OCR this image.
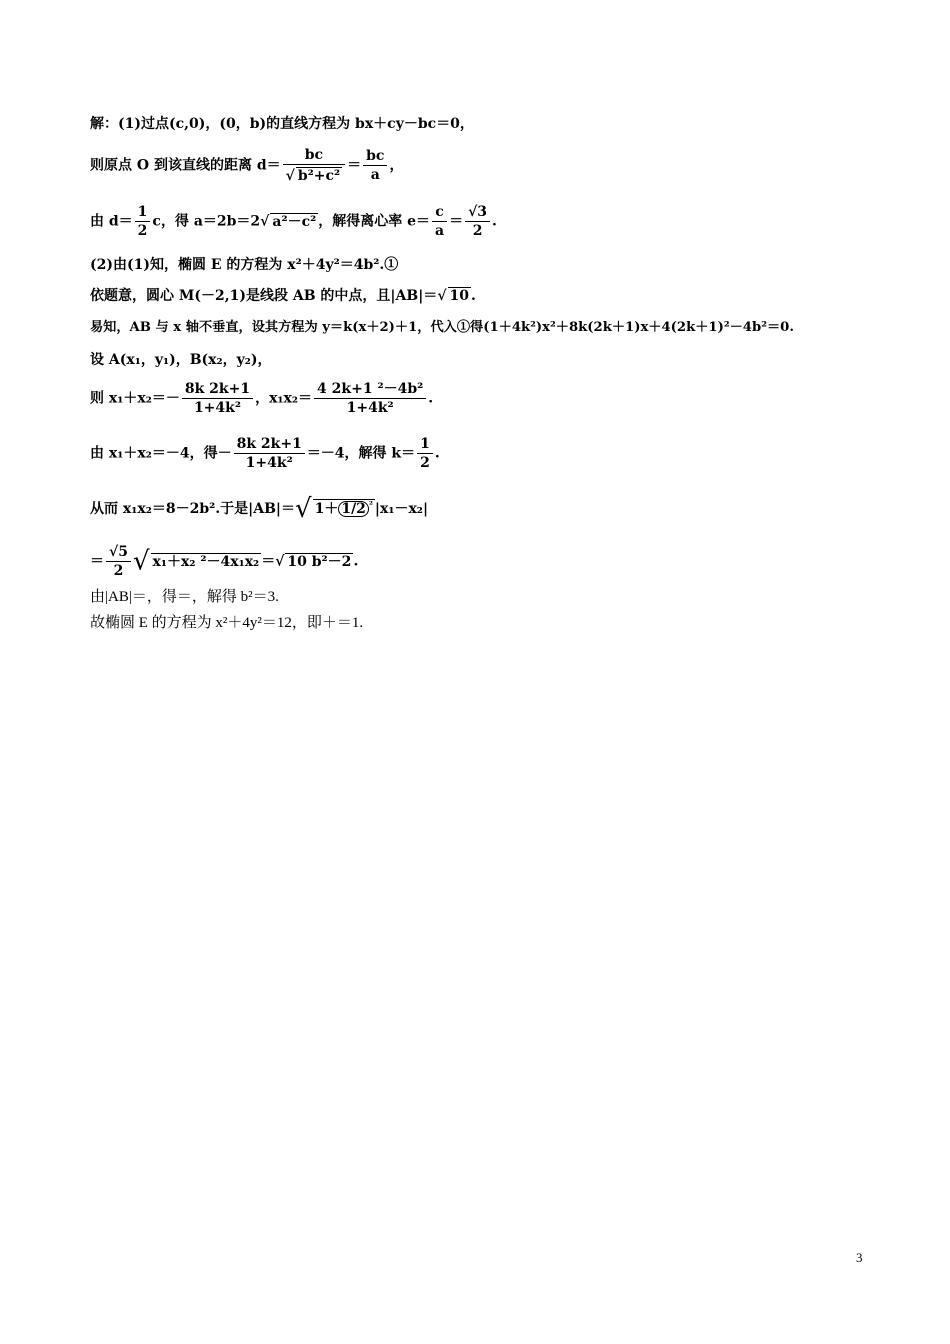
解：(1)过点(c,0)，(0，b)的直线方程为 bx＋cy－bc＝0，
则原点 O 到该直线的距离 $d= \frac{bc}{\text{√ b²+c²}} = \frac{bc}{a}$ ，
由 $d= \frac{1}{2}$ c，得 a＝2b＝2√ a²－c² ，解得离心率 $e= \frac{c}{a} = \frac{√3}{2}$ .
(2)由(1)知，椭圆 E 的方程为 x²＋4y²＝4b².①
依题意，圆心 M(－2,1)是线段 AB 的中点，且|AB|＝√ 10 .
易知，AB 与 x 轴不垂直，设其方程为 y＝k(x＋2)＋1，代入①得(1＋4k²)x²＋8k(2k＋1)x＋4(2k＋1)²－4b²＝0.
设 A(x₁，y₁)，B(x₂，y₂)，
则 $x_1+x_2=- \frac{8k 2k+1}{\text{1+4k²}}$ ，$x_1x_2= \frac{\text{4 2k+1 ²－4b²}}{\text{1+4k²}}$ .
由 x₁＋x₂＝－4，得－ $\frac{8k 2k+1}{\text{1+4k²}} =-4$，解得 $k= \frac{1}{2}$ .
从而 x₁x₂＝8－2b².于是|AB|＝√ 1＋ 1/2 $^{^2}$ |x₁－x₂|
＝ $\frac{√5}{2}$ √ x₁＋x₂ ²－4x₁x₂ ＝√ 10 b²－2 .
由|AB|＝，得＝，解得 b²＝3.
故椭圆 E 的方程为 x²＋4y²＝12，即＋＝1.
3
